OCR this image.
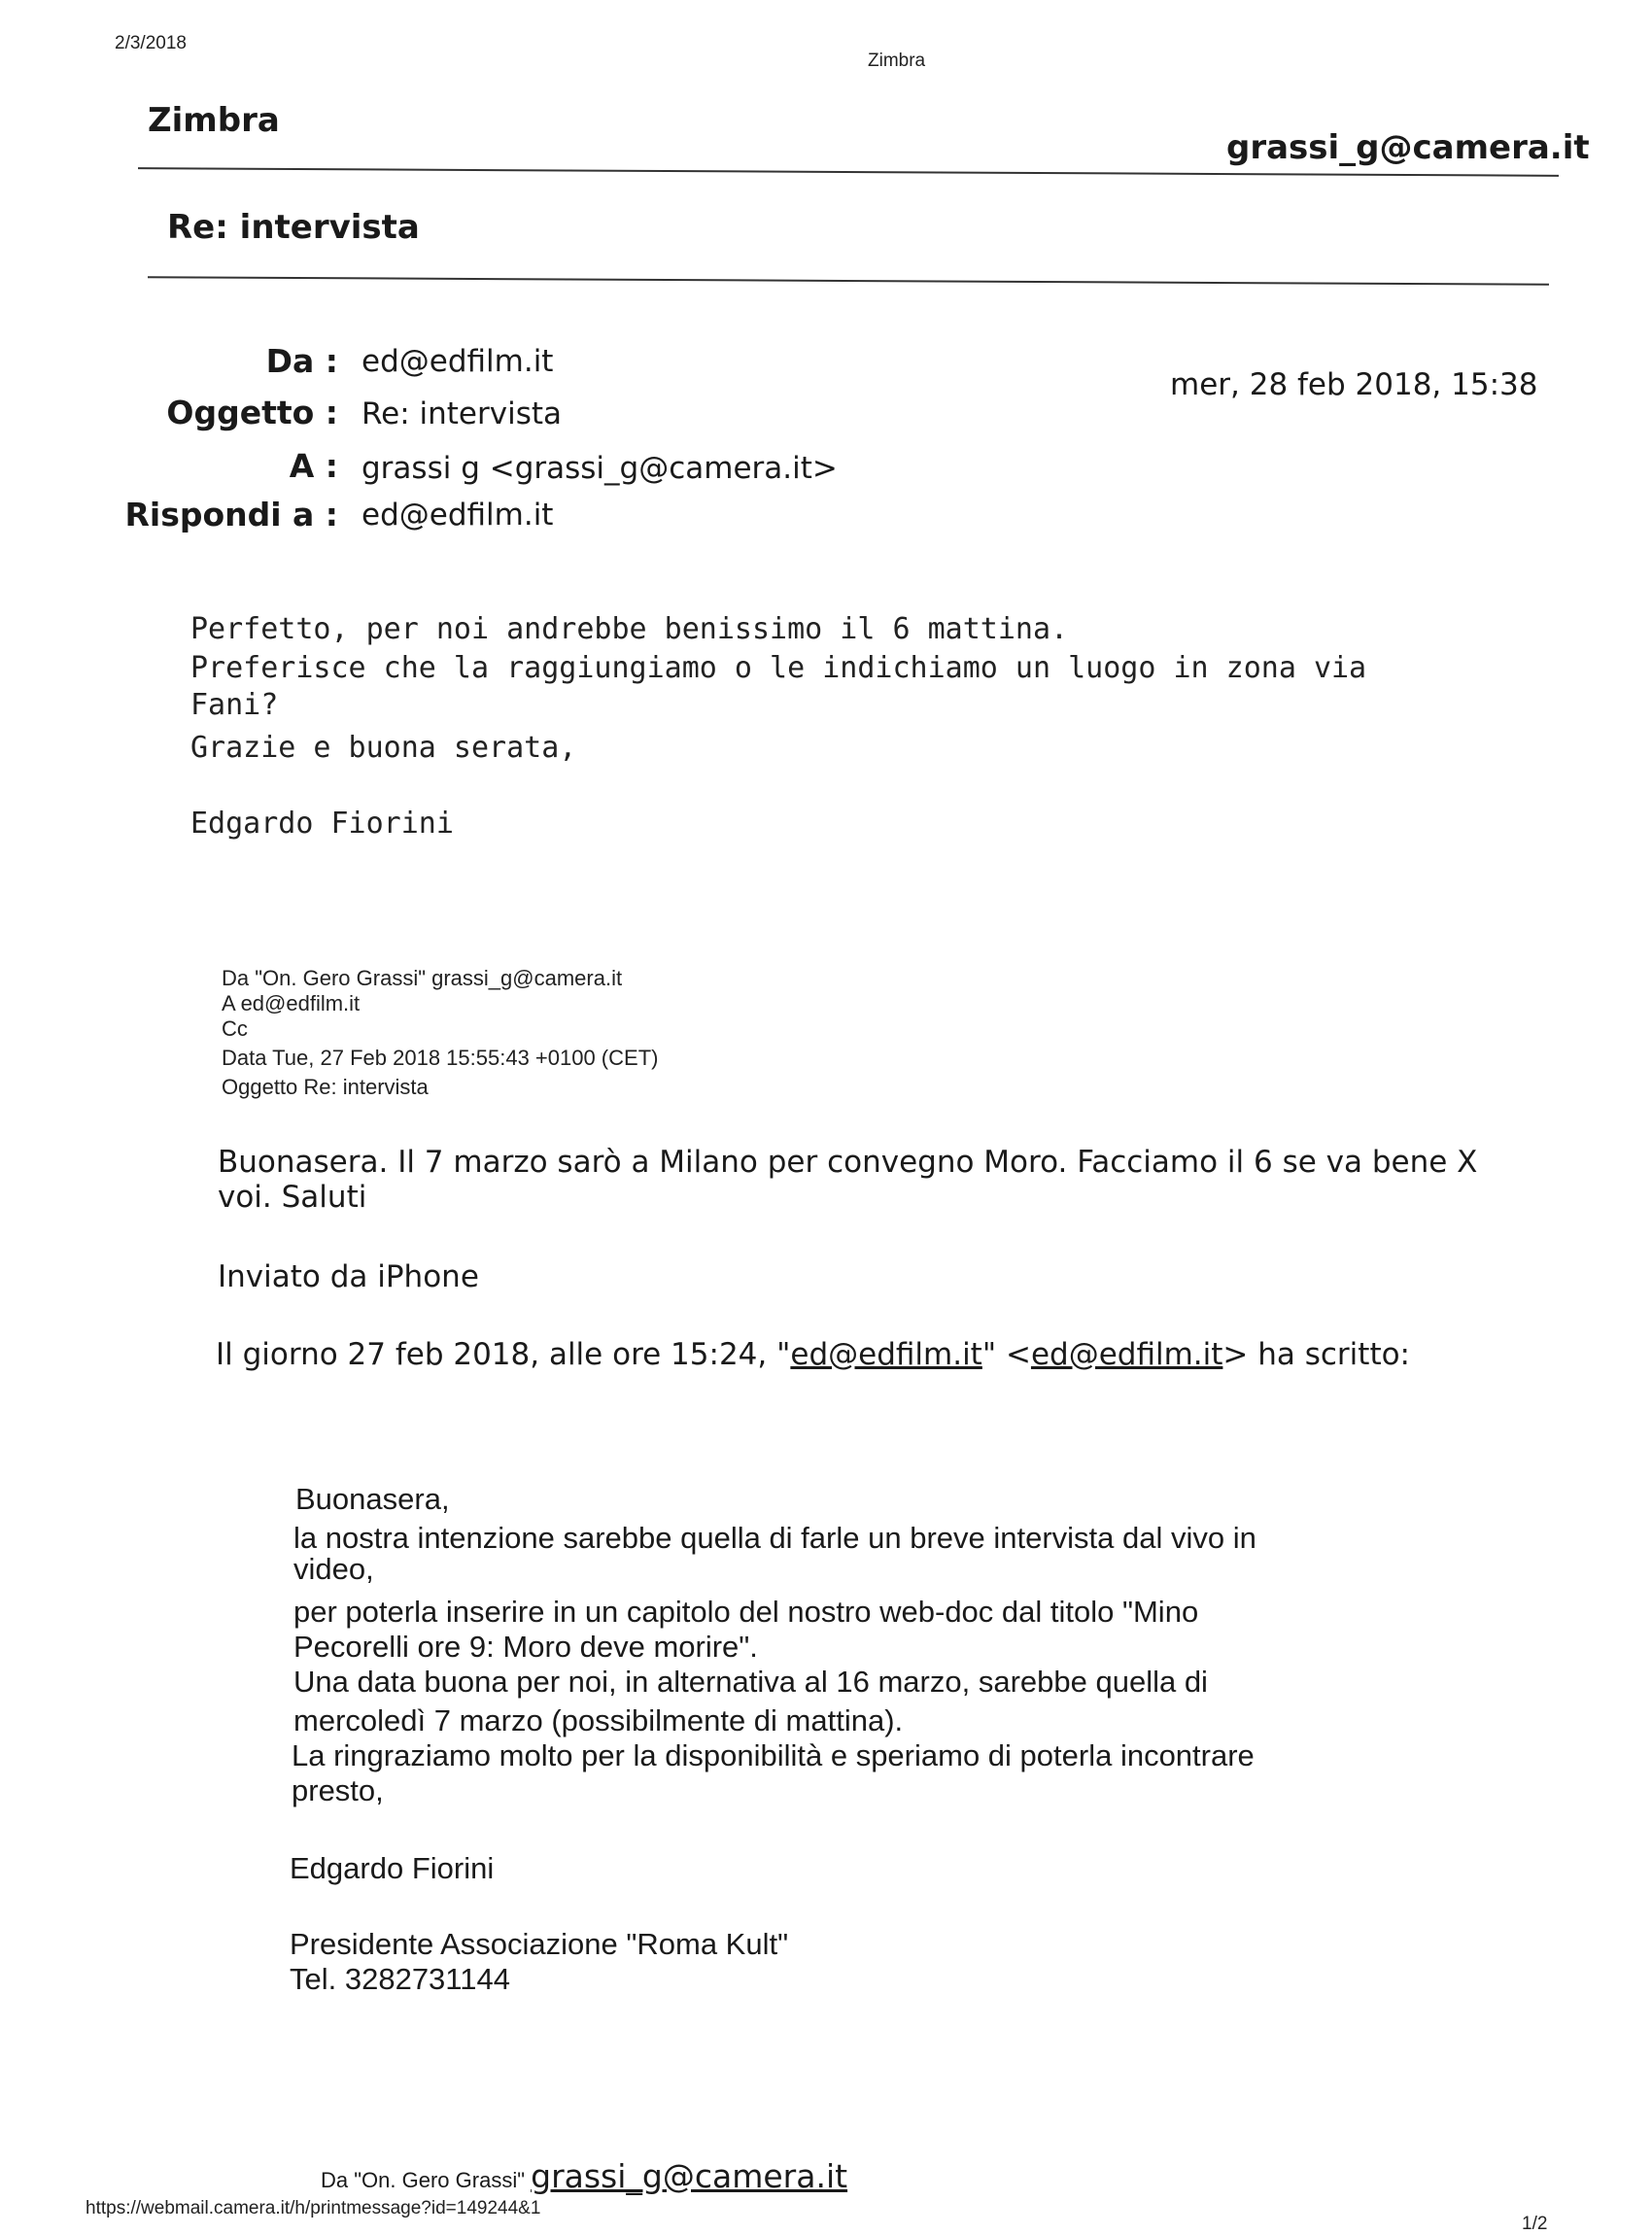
2/3/2018
Zimbra
Zimbra
grassi_g@camera.it
Re: intervista
Da : ed@edfilm.it
Oggetto : Re: intervista
A : grassi g <grassi_g@camera.it>
Rispondi a : ed@edfilm.it
mer, 28 feb 2018, 15:38
Perfetto, per noi andrebbe benissimo il 6 mattina.
Preferisce che la raggiungiamo o le indichiamo un luogo in zona via
Fani?
Grazie e buona serata,
Edgardo Fiorini
Da "On. Gero Grassi" grassi_g@camera.it
A ed@edfilm.it
Cc
Data Tue, 27 Feb 2018 15:55:43 +0100 (CET)
Oggetto Re: intervista
Buonasera. Il 7 marzo sarò a Milano per convegno Moro. Facciamo il 6 se va bene X
voi. Saluti
Inviato da iPhone
Il giorno 27 feb 2018, alle ore 15:24, "ed@edfilm.it" <ed@edfilm.it> ha scritto:
Buonasera,
la nostra intenzione sarebbe quella di farle un breve intervista dal vivo in
video,
per poterla inserire in un capitolo del nostro web-doc dal titolo "Mino
Pecorelli ore 9: Moro deve morire".
Una data buona per noi, in alternativa al 16 marzo, sarebbe quella di
mercoledì 7 marzo (possibilmente di mattina).
La ringraziamo molto per la disponibilità e speriamo di poterla incontrare
presto,
Edgardo Fiorini
Presidente Associazione "Roma Kult"
Tel. 3282731144
Da "On. Gero Grassi" grassi_g@camera.it
https://webmail.camera.it/h/printmessage?id=149244&1
1/2
